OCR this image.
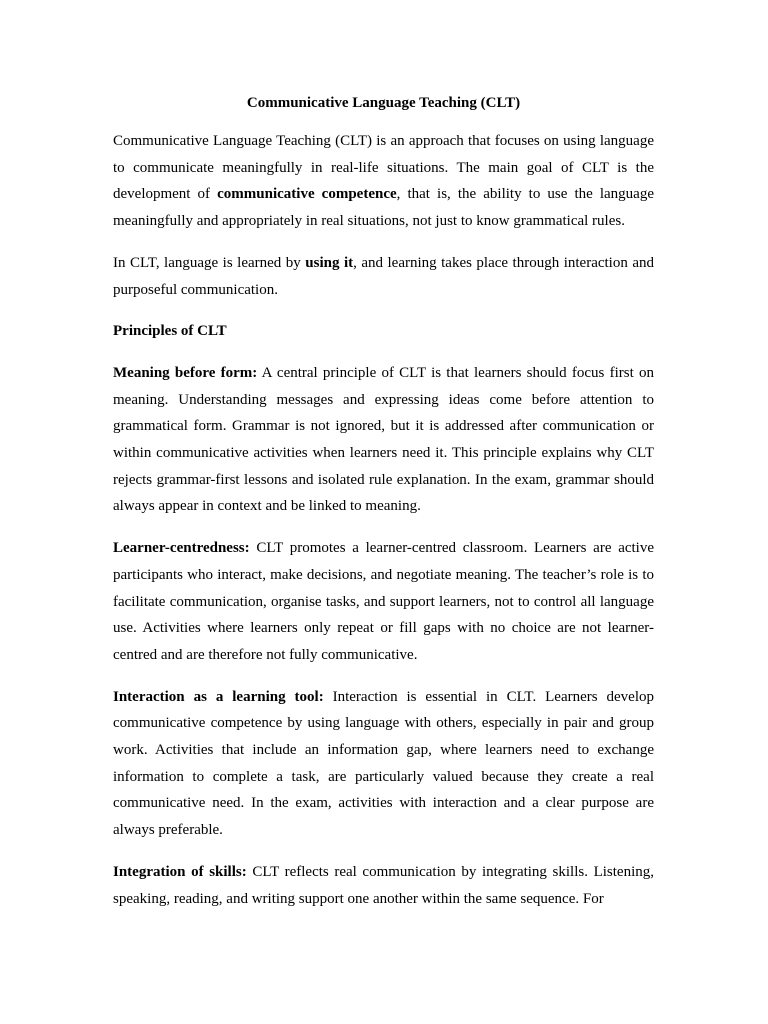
Communicative Language Teaching (CLT)

Communicative Language Teaching (CLT) is an approach that focuses on using language to communicate meaningfully in real-life situations. The main goal of CLT is the development of communicative competence, that is, the ability to use the language meaningfully and appropriately in real situations, not just to know grammatical rules.

In CLT, language is learned by using it, and learning takes place through interaction and purposeful communication.

Principles of CLT

Meaning before form: A central principle of CLT is that learners should focus first on meaning. Understanding messages and expressing ideas come before attention to grammatical form. Grammar is not ignored, but it is addressed after communication or within communicative activities when learners need it. This principle explains why CLT rejects grammar-first lessons and isolated rule explanation. In the exam, grammar should always appear in context and be linked to meaning.

Learner-centredness: CLT promotes a learner-centred classroom. Learners are active participants who interact, make decisions, and negotiate meaning. The teacher’s role is to facilitate communication, organise tasks, and support learners, not to control all language use. Activities where learners only repeat or fill gaps with no choice are not learner-centred and are therefore not fully communicative.

Interaction as a learning tool: Interaction is essential in CLT. Learners develop communicative competence by using language with others, especially in pair and group work. Activities that include an information gap, where learners need to exchange information to complete a task, are particularly valued because they create a real communicative need. In the exam, activities with interaction and a clear purpose are always preferable.

Integration of skills: CLT reflects real communication by integrating skills. Listening, speaking, reading, and writing support one another within the same sequence. For
